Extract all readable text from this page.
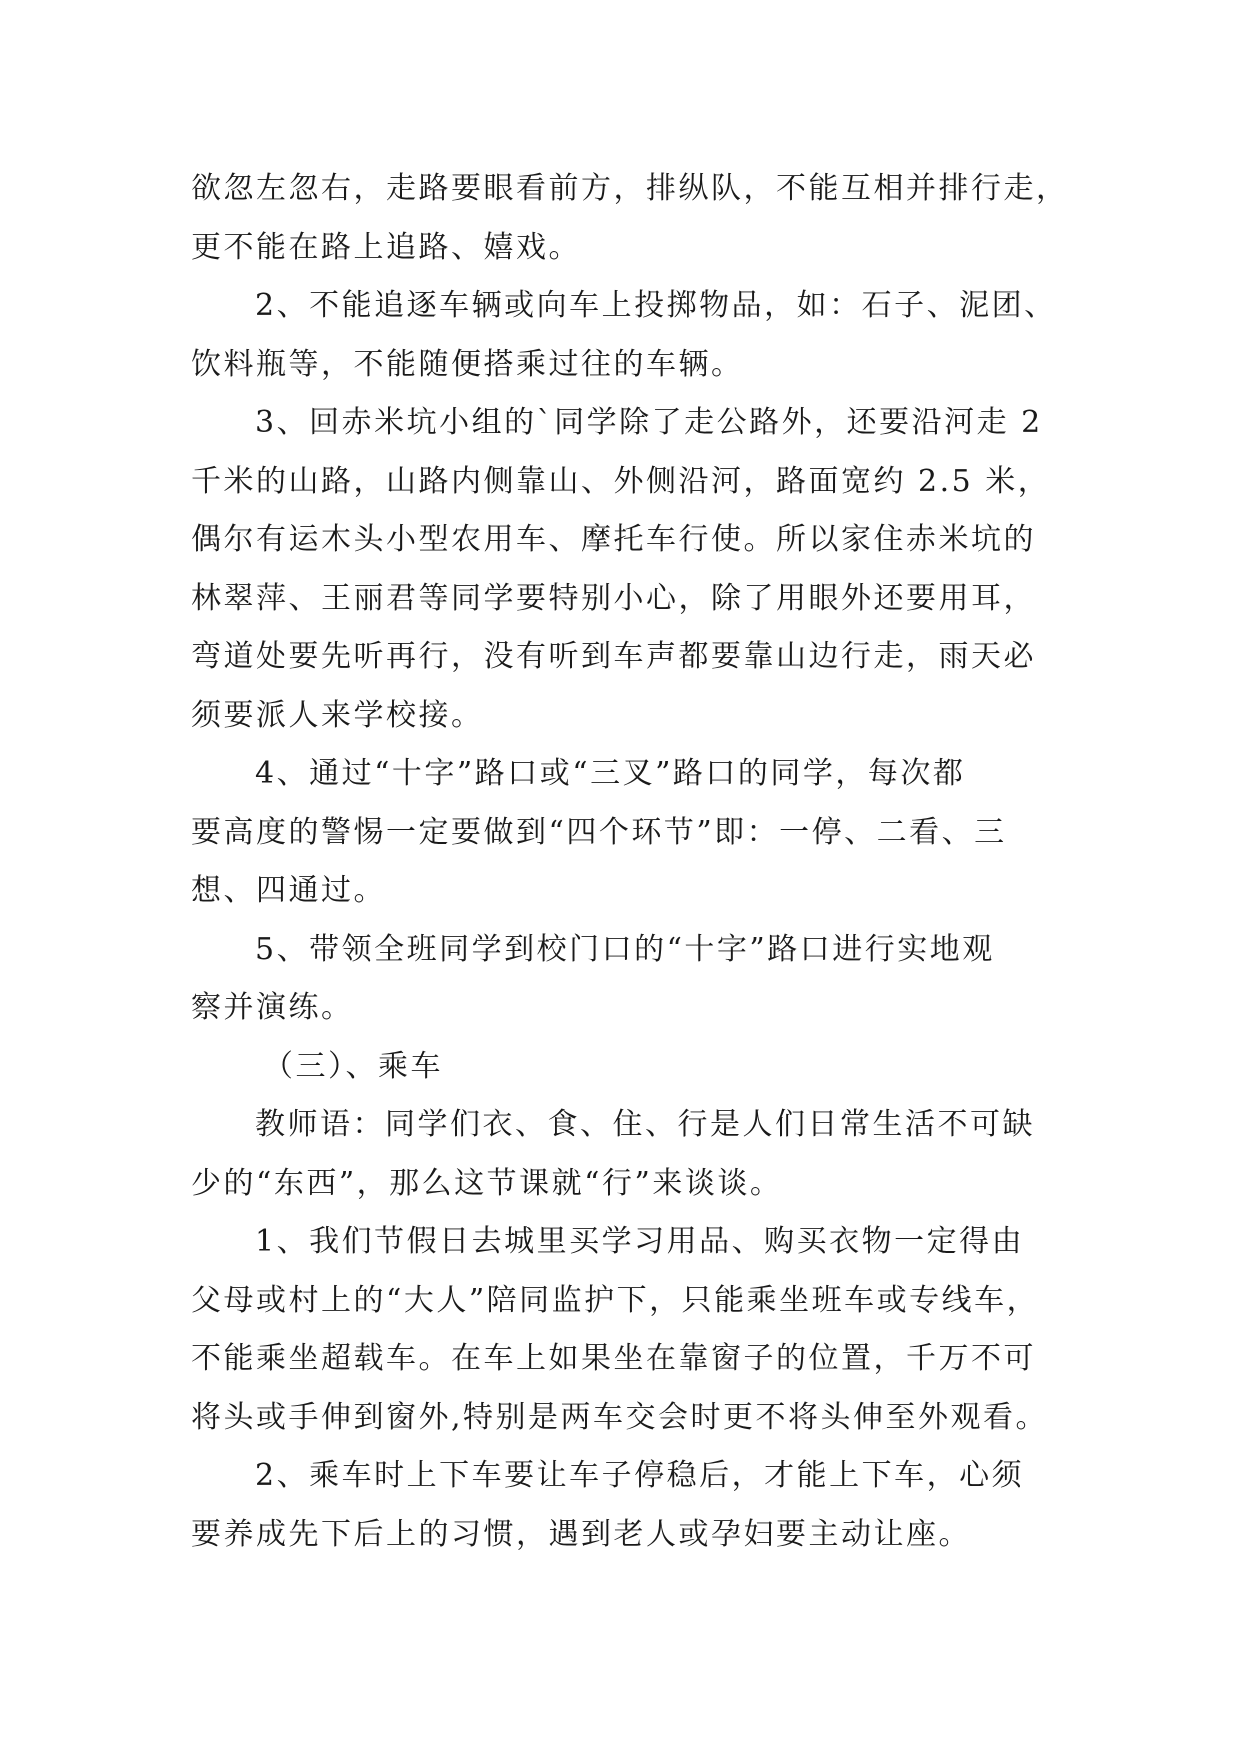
欲忽左忽右，走路要眼看前方，排纵队，不能互相并排行走，
更不能在路上追路、嬉戏。

2、不能追逐车辆或向车上投掷物品，如：石子、泥团、
饮料瓶等，不能随便搭乘过往的车辆。

3、回赤米坑小组的`同学除了走公路外，还要沿河走 2
千米的山路，山路内侧靠山、外侧沿河，路面宽约 2.5 米，
偶尔有运木头小型农用车、摩托车行使。所以家住赤米坑的
林翠萍、王丽君等同学要特别小心，除了用眼外还要用耳，
弯道处要先听再行，没有听到车声都要靠山边行走，雨天必
须要派人来学校接。

4、通过“十字”路口或“三叉”路口的同学，每次都
要高度的警惕一定要做到“四个环节”即：一停、二看、三
想、四通过。

5、带领全班同学到校门口的“十字”路口进行实地观
察并演练。

（三）、乘车

教师语：同学们衣、食、住、行是人们日常生活不可缺
少的“东西”，那么这节课就“行”来谈谈。

1、我们节假日去城里买学习用品、购买衣物一定得由
父母或村上的“大人”陪同监护下，只能乘坐班车或专线车，
不能乘坐超载车。在车上如果坐在靠窗子的位置，千万不可
将头或手伸到窗外,特别是两车交会时更不将头伸至外观看。

2、乘车时上下车要让车子停稳后，才能上下车，心须
要养成先下后上的习惯，遇到老人或孕妇要主动让座。
